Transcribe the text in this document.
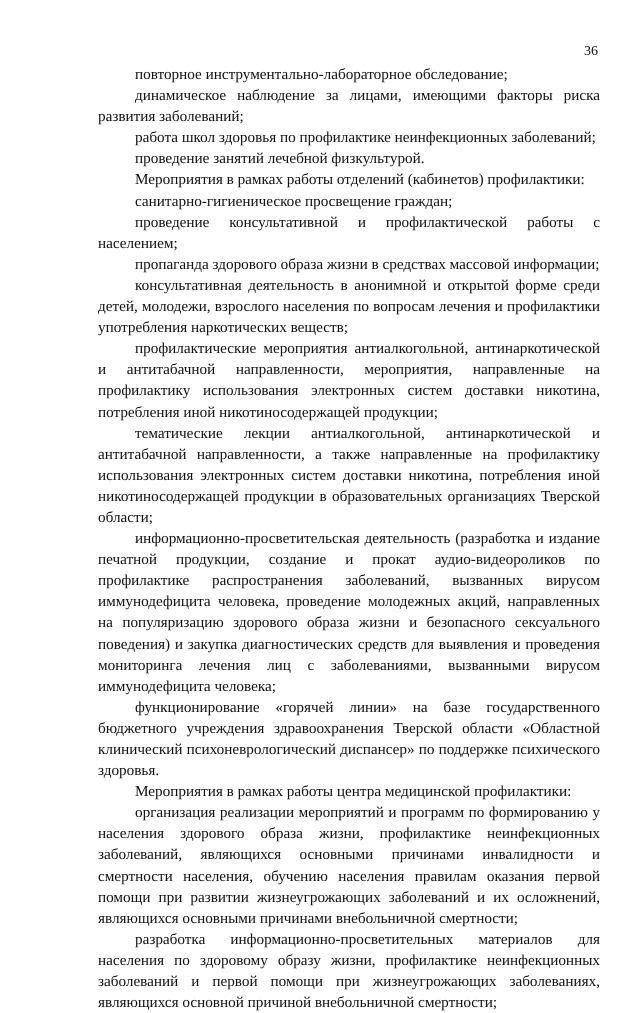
36

повторное инструментально-лабораторное обследование;

динамическое наблюдение за лицами, имеющими факторы риска развития заболеваний;

работа школ здоровья по профилактике неинфекционных заболеваний;

проведение занятий лечебной физкультурой.

Мероприятия в рамках работы отделений (кабинетов) профилактики:

санитарно-гигиеническое просвещение граждан;

проведение консультативной и профилактической работы с населением;

пропаганда здорового образа жизни в средствах массовой информации;

консультативная деятельность в анонимной и открытой форме среди детей, молодежи, взрослого населения по вопросам лечения и профилактики употребления наркотических веществ;

профилактические мероприятия антиалкогольной, антинаркотической и антитабачной направленности, мероприятия, направленные на профилактику использования электронных систем доставки никотина, потребления иной никотиносодержащей продукции;

тематические лекции антиалкогольной, антинаркотической и антитабачной направленности, а также направленные на профилактику использования электронных систем доставки никотина, потребления иной никотиносодержащей продукции в образовательных организациях Тверской области;

информационно-просветительская деятельность (разработка и издание печатной продукции, создание и прокат аудио-видеороликов по профилактике распространения заболеваний, вызванных вирусом иммунодефицита человека, проведение молодежных акций, направленных на популяризацию здорового образа жизни и безопасного сексуального поведения) и закупка диагностических средств для выявления и проведения мониторинга лечения лиц с заболеваниями, вызванными вирусом иммунодефицита человека;

функционирование «горячей линии» на базе государственного бюджетного учреждения здравоохранения Тверской области «Областной клинический психоневрологический диспансер» по поддержке психического здоровья.

Мероприятия в рамках работы центра медицинской профилактики:

организация реализации мероприятий и программ по формированию у населения здорового образа жизни, профилактике неинфекционных заболеваний, являющихся основными причинами инвалидности и смертности населения, обучению населения правилам оказания первой помощи при развитии жизнеугрожающих заболеваний и их осложнений, являющихся основными причинами внебольничной смертности;

разработка информационно-просветительных материалов для населения по здоровому образу жизни, профилактике неинфекционных заболеваний и первой помощи при жизнеугрожающих заболеваниях, являющихся основной причиной внебольничной смертности;
